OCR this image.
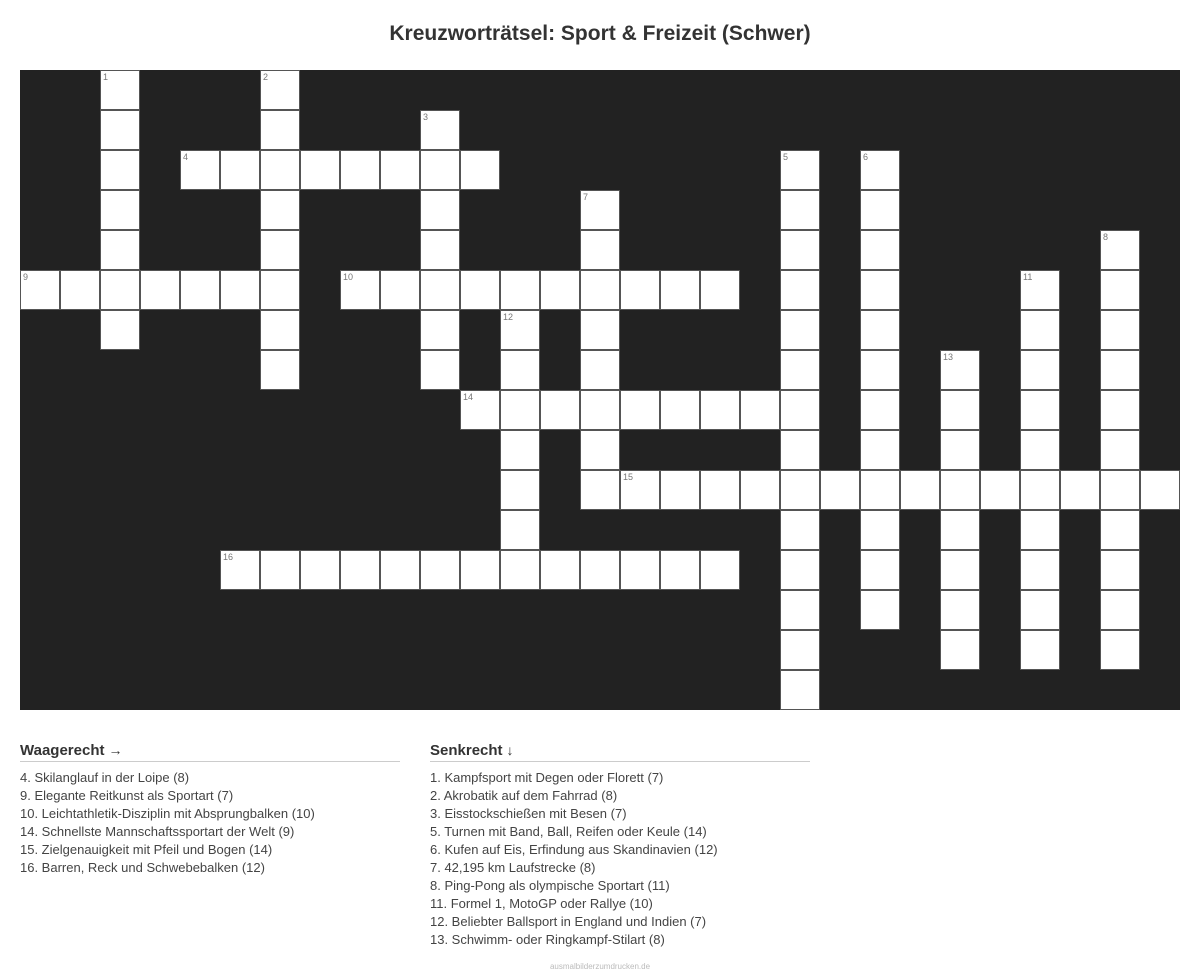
Kreuzworträtsel: Sport & Freizeit (Schwer)
1	2
3
4	5	6
7
8
9	10	11
12
13
14
15
16
Waagerecht →
4. Skilanglauf in der Loipe (8)
9. Elegante Reitkunst als Sportart (7)
10. Leichtathletik-Disziplin mit Absprungbalken (10)
14. Schnellste Mannschaftssportart der Welt (9)
15. Zielgenauigkeit mit Pfeil und Bogen (14)
16. Barren, Reck und Schwebebalken (12)
Senkrecht ↓
1. Kampfsport mit Degen oder Florett (7)
2. Akrobatik auf dem Fahrrad (8)
3. Eisstockschießen mit Besen (7)
5. Turnen mit Band, Ball, Reifen oder Keule (14)
6. Kufen auf Eis, Erfindung aus Skandinavien (12)
7. 42,195 km Laufstrecke (8)
8. Ping-Pong als olympische Sportart (11)
11. Formel 1, MotoGP oder Rallye (10)
12. Beliebter Ballsport in England und Indien (7)
13. Schwimm- oder Ringkampf-Stilart (8)
ausmalbilderzumdrucken.de
